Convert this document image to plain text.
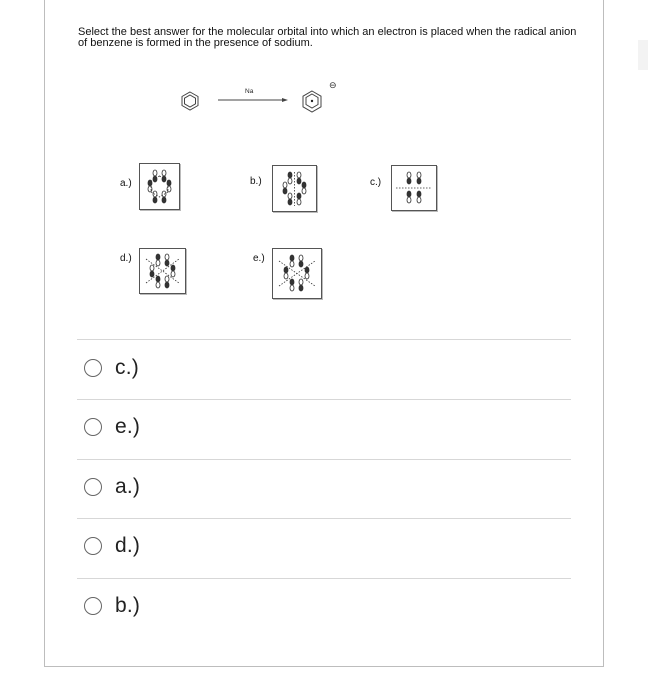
Select the best answer for the molecular orbital into which an electron is placed when the radical anion of benzene is formed in the presence of sodium.
Na
⊖
a.)	b.)	c.)
d.)	e.)
c.)
e.)
a.)
d.)
b.)
